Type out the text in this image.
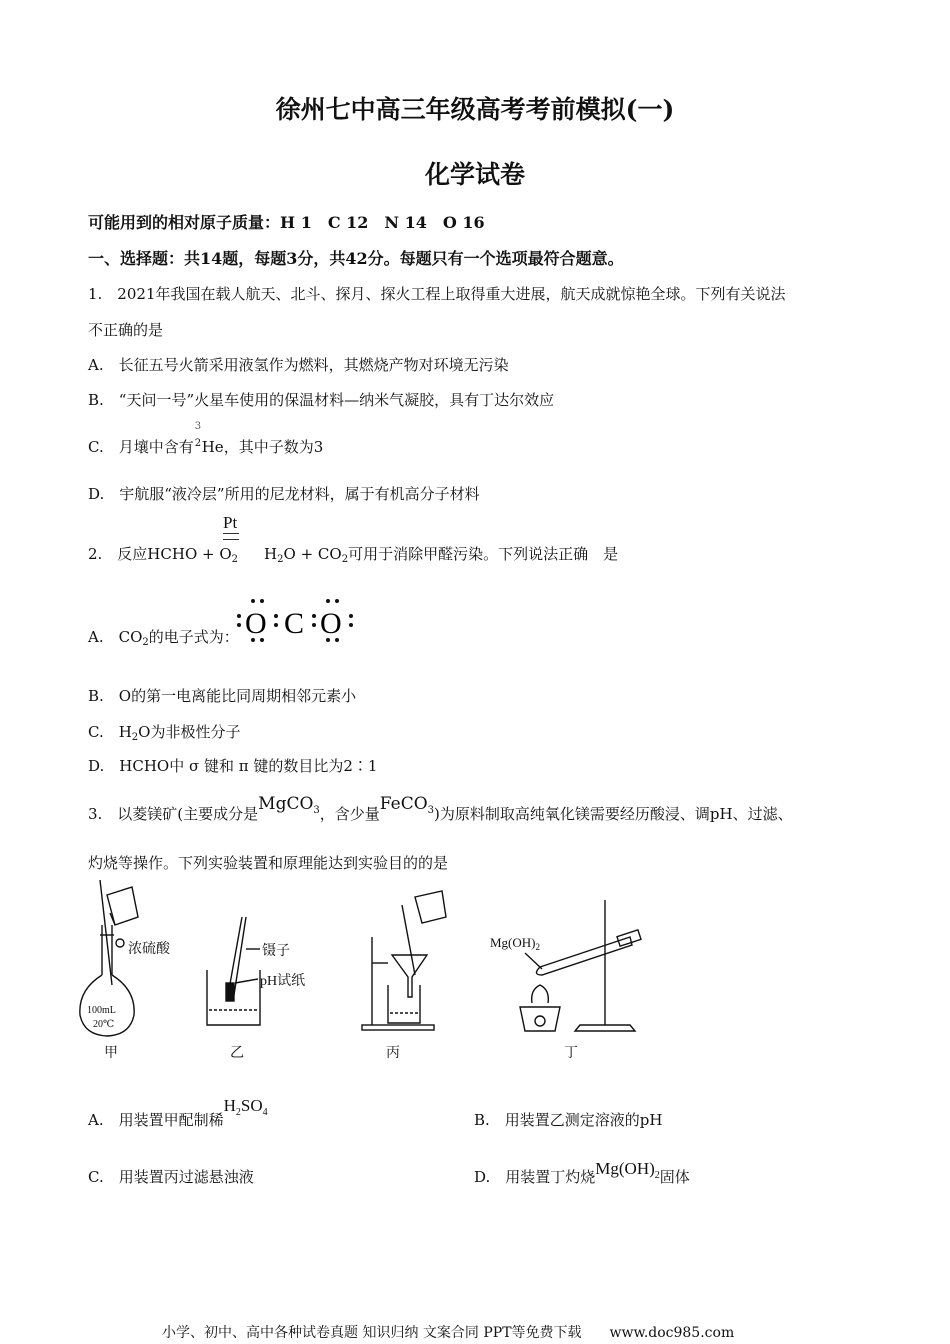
徐州七中高三年级高考考前模拟(一)
化学试卷
可能用到的相对原子质量：H 1　C 12　N 14　O 16
一、选择题：共14题，每题3分，共42分。每题只有一个选项最符合题意。
1.　2021年我国在载人航天、北斗、探月、探火工程上取得重大进展，航天成就惊艳全球。下列有关说法
不正确的是
A.　长征五号火箭采用液氢作为燃料，其燃烧产物对环境无污染
B.　“天问一号”火星车使用的保温材料—纳米气凝胶，具有丁达尔效应
C.　月壤中含有
3
2 He，其中子数为3
D.　宇航服“液冷层”所用的尼龙材料，属于有机高分子材料
Pt
2.　反应HCHO + $O_2$ $H_2O + CO_2$可用于消除甲醛污染。下列说法正确　是
A.　$CO_2$的电子式为： O C O
B.　O的第一电离能比同周期相邻元素小
C.　$H_2O$为非极性分子
D.　HCHO中 σ 键和 π 键的数目比为2∶1
3.　以菱镁矿(主要成分是MgCO$_3$，含少量FeCO$_3$)为原料制取高纯氧化镁需要经历酸浸、调pH、过滤、
灼烧等操作。下列实验装置和原理能达到实验目的的是
浓硫酸
100mL
20℃
甲
镊子
pH试纸
乙	丙
$Mg(OH)_2$
丁
A.　用装置甲配制稀$H_2SO_4$	B.　用装置乙测定溶液的pH
C.　用装置丙过滤悬浊液	D.　用装置丁灼烧$Mg(OH)_2$固体
小学、初中、高中各种试卷真题 知识归纳 文案合同 PPT等免费下载　　www.doc985.com
